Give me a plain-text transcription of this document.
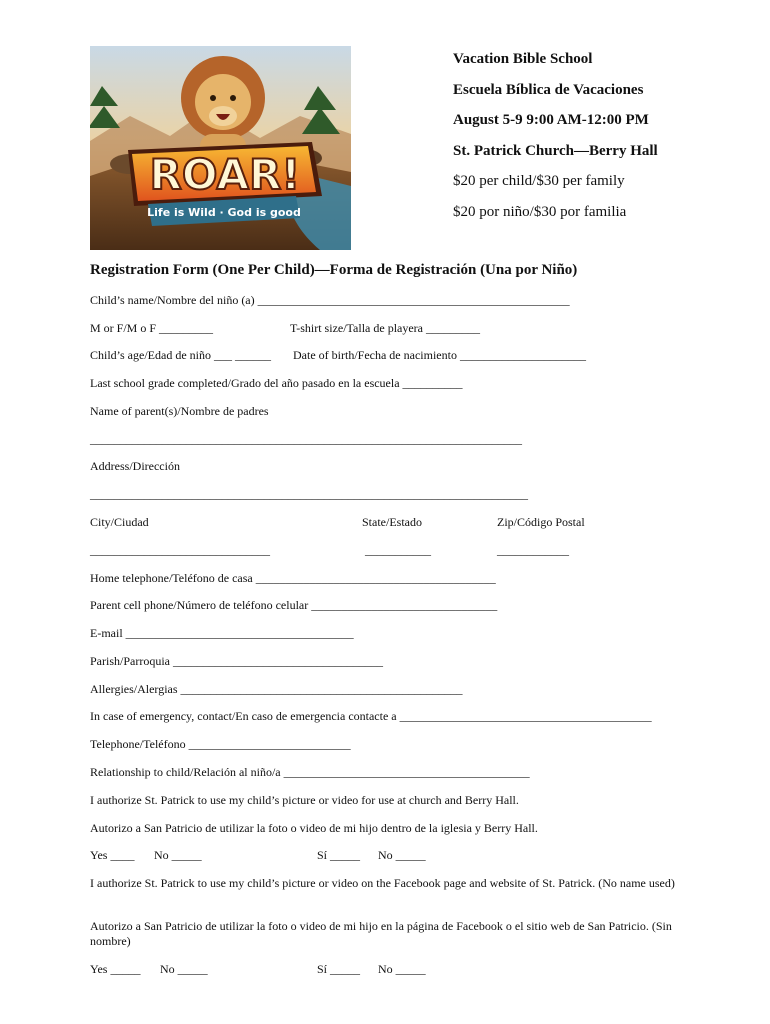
ROAR!
Life is Wild · God is good
Vacation Bible School
Escuela Bíblica de Vacaciones
August 5-9 9:00 AM-12:00 PM
St. Patrick Church—Berry Hall
$20 per child/$30 per family
$20 por niño/$30 por familia
Registration Form (One Per Child)—Forma de Registración (Una por Niño)
Child’s name/Nombre del niño (a) ____________________________________________________
M or F/M o F _________	T-shirt size/Talla de playera _________
Child’s age/Edad de niño ___ ______ Date of birth/Fecha de nacimiento _____________________
Last school grade completed/Grado del año pasado en la escuela __________
Name of parent(s)/Nombre de padres
________________________________________________________________________
Address/Dirección
_________________________________________________________________________
City/Ciudad	State/Estado	Zip/Código Postal
______________________________	___________	____________
Home telephone/Teléfono de casa ________________________________________
Parent cell phone/Número de teléfono celular _______________________________
E-mail ______________________________________
Parish/Parroquia ___________________________________
Allergies/Alergias _______________________________________________
In case of emergency, contact/En caso de emergencia contacte a __________________________________________
Telephone/Teléfono ___________________________
Relationship to child/Relación al niño/a _________________________________________
I authorize St. Patrick to use my child’s picture or video for use at church and Berry Hall.
Autorizo a San Patricio de utilizar la foto o video de mi hijo dentro de la iglesia y Berry Hall.
Yes ____ No _____	Sí _____ No _____
I authorize St. Patrick to use my child’s picture or video on the Facebook page and website of St. Patrick. (No name used)
Autorizo a San Patricio de utilizar la foto o video de mi hijo en la página de Facebook o el sitio web de San Patricio. (Sin nombre)
Yes _____ No _____	Sí _____ No _____
